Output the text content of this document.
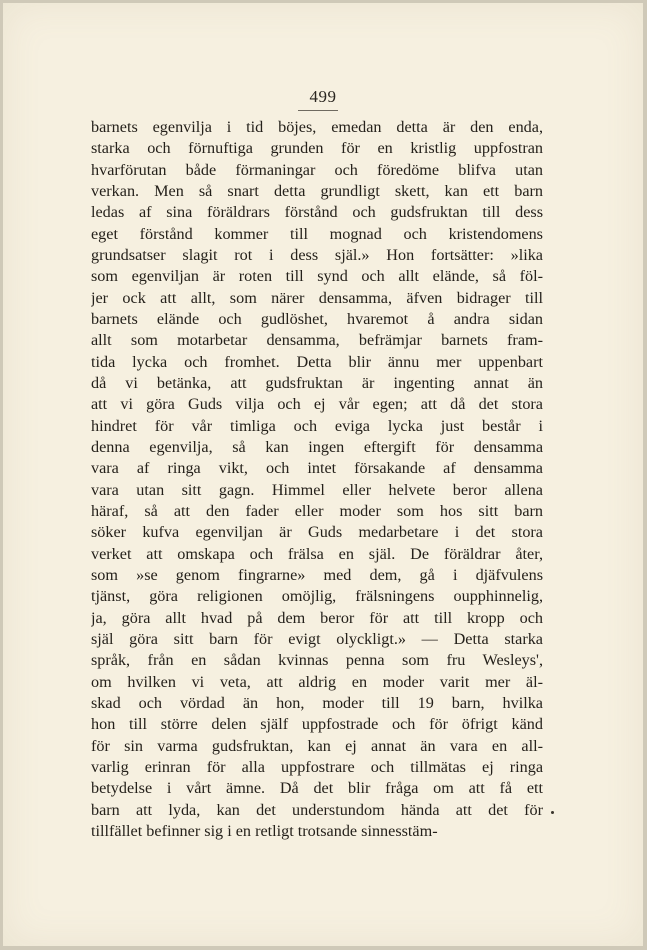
499
barnets egenvilja i tid böjes, emedan detta är den enda,
starka och förnuftiga grunden för en kristlig uppfostran
hvarförutan både förmaningar och föredöme blifva utan
verkan. Men så snart detta grundligt skett, kan ett barn
ledas af sina föräldrars förstånd och gudsfruktan till dess
eget förstånd kommer till mognad och kristendomens
grundsatser slagit rot i dess själ.» Hon fortsätter: »lika
som egenviljan är roten till synd och allt elände, så föl-
jer ock att allt, som närer densamma, äfven bidrager till
barnets elände och gudlöshet, hvaremot å andra sidan
allt som motarbetar densamma, befrämjar barnets fram-
tida lycka och fromhet. Detta blir ännu mer uppenbart
då vi betänka, att gudsfruktan är ingenting annat än
att vi göra Guds vilja och ej vår egen; att då det stora
hindret för vår timliga och eviga lycka just består i
denna egenvilja, så kan ingen eftergift för densamma
vara af ringa vikt, och intet försakande af densamma
vara utan sitt gagn. Himmel eller helvete beror allena
häraf, så att den fader eller moder som hos sitt barn
söker kufva egenviljan är Guds medarbetare i det stora
verket att omskapa och frälsa en själ. De föräldrar åter,
som »se genom fingrarne» med dem, gå i djäfvulens
tjänst, göra religionen omöjlig, frälsningens oupphinnelig,
ja, göra allt hvad på dem beror för att till kropp och
själ göra sitt barn för evigt olyckligt.» — Detta starka
språk, från en sådan kvinnas penna som fru Wesleys',
om hvilken vi veta, att aldrig en moder varit mer äl-
skad och vördad än hon, moder till 19 barn, hvilka
hon till större delen själf uppfostrade och för öfrigt känd
för sin varma gudsfruktan, kan ej annat än vara en all-
varlig erinran för alla uppfostrare och tillmätas ej ringa
betydelse i vårt ämne. Då det blir fråga om att få ett
barn att lyda, kan det understundom hända att det för
tillfället befinner sig i en retligt trotsande sinnesstäm-
